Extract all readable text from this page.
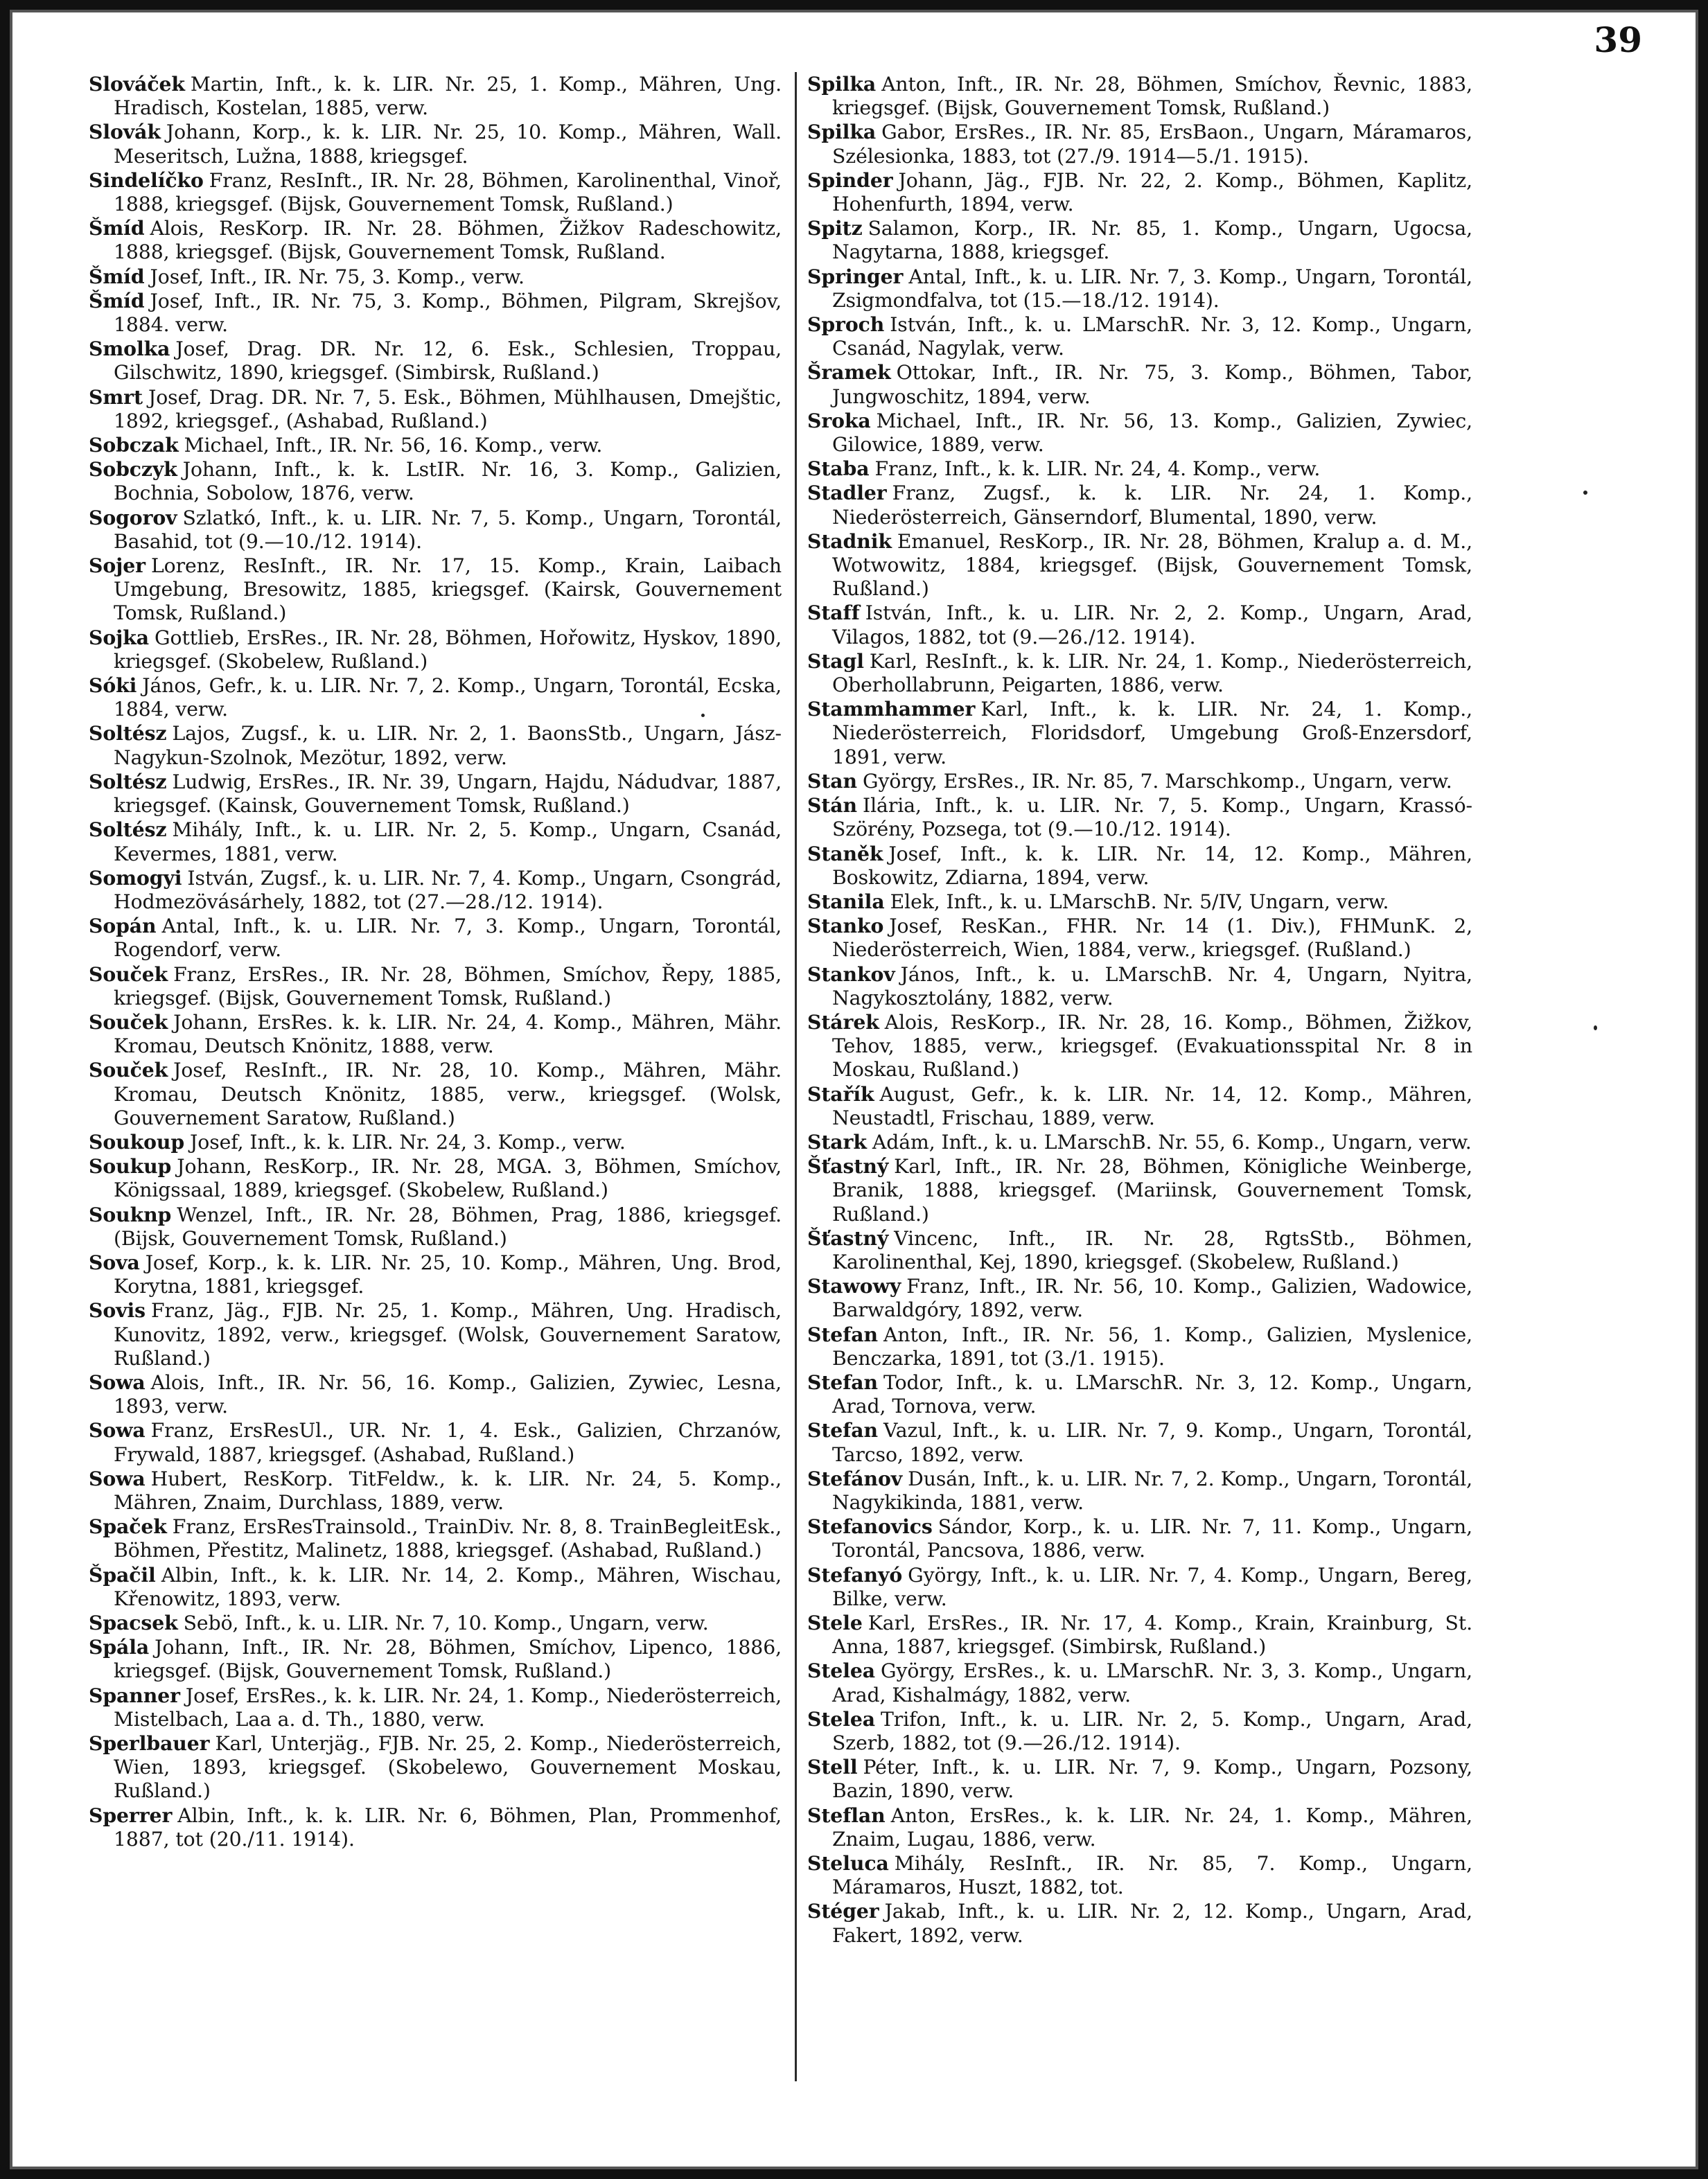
39
Slováček Martin, Inft., k. k. LIR. Nr. 25, 1. Komp., Mähren, Ung. Hradisch, Kostelan, 1885, verw.
Slovák Johann, Korp., k. k. LIR. Nr. 25, 10. Komp., Mähren, Wall. Meseritsch, Lužna, 1888, kriegsgef.
Sindelíčko Franz, ResInft., IR. Nr. 28, Böhmen, Karolinenthal, Vinoř, 1888, kriegsgef. (Bijsk, Gouvernement Tomsk, Rußland.)
Šmíd Alois, ResKorp. IR. Nr. 28. Böhmen, Žižkov Radeschowitz, 1888, kriegsgef. (Bijsk, Gouvernement Tomsk, Rußland.
Šmíd Josef, Inft., IR. Nr. 75, 3. Komp., verw.
Šmíd Josef, Inft., IR. Nr. 75, 3. Komp., Böhmen, Pilgram, Skrejšov, 1884. verw.
Smolka Josef, Drag. DR. Nr. 12, 6. Esk., Schlesien, Troppau, Gilschwitz, 1890, kriegsgef. (Simbirsk, Rußland.)
Smrt Josef, Drag. DR. Nr. 7, 5. Esk., Böhmen, Mühlhausen, Dmejštic, 1892, kriegsgef., (Ashabad, Rußland.)
Sobczak Michael, Inft., IR. Nr. 56, 16. Komp., verw.
Sobczyk Johann, Inft., k. k. LstIR. Nr. 16, 3. Komp., Galizien, Bochnia, Sobolow, 1876, verw.
Sogorov Szlatkó, Inft., k. u. LIR. Nr. 7, 5. Komp., Ungarn, Torontál, Basahid, tot (9.—10./12. 1914).
Sojer Lorenz, ResInft., IR. Nr. 17, 15. Komp., Krain, Laibach Umgebung, Bresowitz, 1885, kriegsgef. (Kairsk, Gouvernement Tomsk, Rußland.)
Sojka Gottlieb, ErsRes., IR. Nr. 28, Böhmen, Hořowitz, Hyskov, 1890, kriegsgef. (Skobelew, Rußland.)
Sóki János, Gefr., k. u. LIR. Nr. 7, 2. Komp., Ungarn, Torontál, Ecska, 1884, verw.
Soltész Lajos, Zugsf., k. u. LIR. Nr. 2, 1. BaonsStb., Ungarn, Jász-Nagykun-Szolnok, Mezötur, 1892, verw.
Soltész Ludwig, ErsRes., IR. Nr. 39, Ungarn, Hajdu, Nádudvar, 1887, kriegsgef. (Kainsk, Gouvernement Tomsk, Rußland.)
Soltész Mihály, Inft., k. u. LIR. Nr. 2, 5. Komp., Ungarn, Csanád, Kevermes, 1881, verw.
Somogyi István, Zugsf., k. u. LIR. Nr. 7, 4. Komp., Ungarn, Csongrád, Hodmezövásárhely, 1882, tot (27.—28./12. 1914).
Sopán Antal, Inft., k. u. LIR. Nr. 7, 3. Komp., Ungarn, Torontál, Rogendorf, verw.
Souček Franz, ErsRes., IR. Nr. 28, Böhmen, Smíchov, Řepy, 1885, kriegsgef. (Bijsk, Gouvernement Tomsk, Rußland.)
Souček Johann, ErsRes. k. k. LIR. Nr. 24, 4. Komp., Mähren, Mähr. Kromau, Deutsch Knönitz, 1888, verw.
Souček Josef, ResInft., IR. Nr. 28, 10. Komp., Mähren, Mähr. Kromau, Deutsch Knönitz, 1885, verw., kriegsgef. (Wolsk, Gouvernement Saratow, Rußland.)
Soukoup Josef, Inft., k. k. LIR. Nr. 24, 3. Komp., verw.
Soukup Johann, ResKorp., IR. Nr. 28, MGA. 3, Böhmen, Smíchov, Königssaal, 1889, kriegsgef. (Skobelew, Rußland.)
Souknp Wenzel, Inft., IR. Nr. 28, Böhmen, Prag, 1886, kriegsgef. (Bijsk, Gouvernement Tomsk, Rußland.)
Sova Josef, Korp., k. k. LIR. Nr. 25, 10. Komp., Mähren, Ung. Brod, Korytna, 1881, kriegsgef.
Sovis Franz, Jäg., FJB. Nr. 25, 1. Komp., Mähren, Ung. Hradisch, Kunovitz, 1892, verw., kriegsgef. (Wolsk, Gouvernement Saratow, Rußland.)
Sowa Alois, Inft., IR. Nr. 56, 16. Komp., Galizien, Zywiec, Lesna, 1893, verw.
Sowa Franz, ErsResUl., UR. Nr. 1, 4. Esk., Galizien, Chrzanów, Frywald, 1887, kriegsgef. (Ashabad, Rußland.)
Sowa Hubert, ResKorp. TitFeldw., k. k. LIR. Nr. 24, 5. Komp., Mähren, Znaim, Durchlass, 1889, verw.
Spaček Franz, ErsResTrainsold., TrainDiv. Nr. 8, 8. TrainBegleitEsk., Böhmen, Přestitz, Malinetz, 1888, kriegsgef. (Ashabad, Rußland.)
Špačil Albin, Inft., k. k. LIR. Nr. 14, 2. Komp., Mähren, Wischau, Křenowitz, 1893, verw.
Spacsek Sebö, Inft., k. u. LIR. Nr. 7, 10. Komp., Ungarn, verw.
Spála Johann, Inft., IR. Nr. 28, Böhmen, Smíchov, Lipenco, 1886, kriegsgef. (Bijsk, Gouvernement Tomsk, Rußland.)
Spanner Josef, ErsRes., k. k. LIR. Nr. 24, 1. Komp., Niederösterreich, Mistelbach, Laa a. d. Th., 1880, verw.
Sperlbauer Karl, Unterjäg., FJB. Nr. 25, 2. Komp., Niederösterreich, Wien, 1893, kriegsgef. (Skobelewo, Gouvernement Moskau, Rußland.)
Sperrer Albin, Inft., k. k. LIR. Nr. 6, Böhmen, Plan, Prommenhof, 1887, tot (20./11. 1914).
Spilka Anton, Inft., IR. Nr. 28, Böhmen, Smíchov, Řevnic, 1883, kriegsgef. (Bijsk, Gouvernement Tomsk, Rußland.)
Spilka Gabor, ErsRes., IR. Nr. 85, ErsBaon., Ungarn, Máramaros, Szélesionka, 1883, tot (27./9. 1914—5./1. 1915).
Spinder Johann, Jäg., FJB. Nr. 22, 2. Komp., Böhmen, Kaplitz, Hohenfurth, 1894, verw.
Spitz Salamon, Korp., IR. Nr. 85, 1. Komp., Ungarn, Ugocsa, Nagytarna, 1888, kriegsgef.
Springer Antal, Inft., k. u. LIR. Nr. 7, 3. Komp., Ungarn, Torontál, Zsigmondfalva, tot (15.—18./12. 1914).
Sproch István, Inft., k. u. LMarschR. Nr. 3, 12. Komp., Ungarn, Csanád, Nagylak, verw.
Šramek Ottokar, Inft., IR. Nr. 75, 3. Komp., Böhmen, Tabor, Jungwoschitz, 1894, verw.
Sroka Michael, Inft., IR. Nr. 56, 13. Komp., Galizien, Zywiec, Gilowice, 1889, verw.
Staba Franz, Inft., k. k. LIR. Nr. 24, 4. Komp., verw.
Stadler Franz, Zugsf., k. k. LIR. Nr. 24, 1. Komp., Niederösterreich, Gänserndorf, Blumental, 1890, verw.
Stadnik Emanuel, ResKorp., IR. Nr. 28, Böhmen, Kralup a. d. M., Wotwowitz, 1884, kriegsgef. (Bijsk, Gouvernement Tomsk, Rußland.)
Staff István, Inft., k. u. LIR. Nr. 2, 2. Komp., Ungarn, Arad, Vilagos, 1882, tot (9.—26./12. 1914).
Stagl Karl, ResInft., k. k. LIR. Nr. 24, 1. Komp., Niederösterreich, Oberhollabrunn, Peigarten, 1886, verw.
Stammhammer Karl, Inft., k. k. LIR. Nr. 24, 1. Komp., Niederösterreich, Floridsdorf, Umgebung Groß-Enzersdorf, 1891, verw.
Stan György, ErsRes., IR. Nr. 85, 7. Marschkomp., Ungarn, verw.
Stán Ilária, Inft., k. u. LIR. Nr. 7, 5. Komp., Ungarn, Krassó-Szörény, Pozsega, tot (9.—10./12. 1914).
Staněk Josef, Inft., k. k. LIR. Nr. 14, 12. Komp., Mähren, Boskowitz, Zdiarna, 1894, verw.
Stanila Elek, Inft., k. u. LMarschB. Nr. 5/IV, Ungarn, verw.
Stanko Josef, ResKan., FHR. Nr. 14 (1. Div.), FHMunK. 2, Niederösterreich, Wien, 1884, verw., kriegsgef. (Rußland.)
Stankov János, Inft., k. u. LMarschB. Nr. 4, Ungarn, Nyitra, Nagykosztolány, 1882, verw.
Stárek Alois, ResKorp., IR. Nr. 28, 16. Komp., Böhmen, Žižkov, Tehov, 1885, verw., kriegsgef. (Evakuationsspital Nr. 8 in Moskau, Rußland.)
Stařík August, Gefr., k. k. LIR. Nr. 14, 12. Komp., Mähren, Neustadtl, Frischau, 1889, verw.
Stark Adám, Inft., k. u. LMarschB. Nr. 55, 6. Komp., Ungarn, verw.
Šťastný Karl, Inft., IR. Nr. 28, Böhmen, Königliche Weinberge, Branik, 1888, kriegsgef. (Mariinsk, Gouvernement Tomsk, Rußland.)
Šťastný Vincenc, Inft., IR. Nr. 28, RgtsStb., Böhmen, Karolinenthal, Kej, 1890, kriegsgef. (Skobelew, Rußland.)
Stawowy Franz, Inft., IR. Nr. 56, 10. Komp., Galizien, Wadowice, Barwaldgóry, 1892, verw.
Stefan Anton, Inft., IR. Nr. 56, 1. Komp., Galizien, Myslenice, Benczarka, 1891, tot (3./1. 1915).
Stefan Todor, Inft., k. u. LMarschR. Nr. 3, 12. Komp., Ungarn, Arad, Tornova, verw.
Stefan Vazul, Inft., k. u. LIR. Nr. 7, 9. Komp., Ungarn, Torontál, Tarcso, 1892, verw.
Stefánov Dusán, Inft., k. u. LIR. Nr. 7, 2. Komp., Ungarn, Torontál, Nagykikinda, 1881, verw.
Stefanovics Sándor, Korp., k. u. LIR. Nr. 7, 11. Komp., Ungarn, Torontál, Pancsova, 1886, verw.
Stefanyó György, Inft., k. u. LIR. Nr. 7, 4. Komp., Ungarn, Bereg, Bilke, verw.
Stele Karl, ErsRes., IR. Nr. 17, 4. Komp., Krain, Krainburg, St. Anna, 1887, kriegsgef. (Simbirsk, Rußland.)
Stelea György, ErsRes., k. u. LMarschR. Nr. 3, 3. Komp., Ungarn, Arad, Kishalmágy, 1882, verw.
Stelea Trifon, Inft., k. u. LIR. Nr. 2, 5. Komp., Ungarn, Arad, Szerb, 1882, tot (9.—26./12. 1914).
Stell Péter, Inft., k. u. LIR. Nr. 7, 9. Komp., Ungarn, Pozsony, Bazin, 1890, verw.
Steflan Anton, ErsRes., k. k. LIR. Nr. 24, 1. Komp., Mähren, Znaim, Lugau, 1886, verw.
Steluca Mihály, ResInft., IR. Nr. 85, 7. Komp., Ungarn, Máramaros, Huszt, 1882, tot.
Stéger Jakab, Inft., k. u. LIR. Nr. 2, 12. Komp., Ungarn, Arad, Fakert, 1892, verw.
